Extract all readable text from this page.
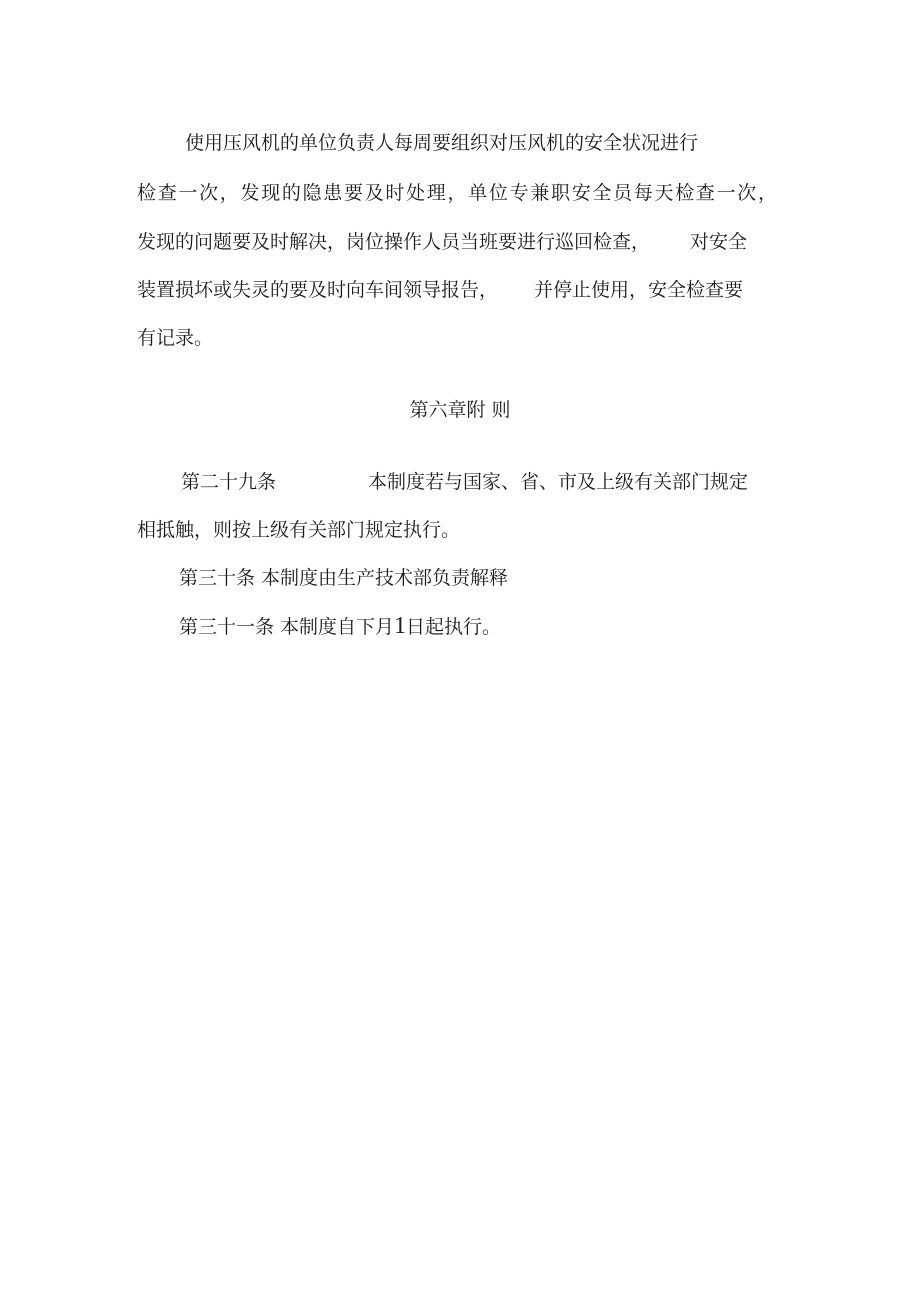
使用压风机的单位负责人每周要组织对压风机的安全状况进行
检查一次，发现的隐患要及时处理，单位专兼职安全员每天检查一次，
发现的问题要及时解决，岗位操作人员当班要进行巡回检查， 对安全
装置损坏或失灵的要及时向车间领导报告， 并停止使用，安全检查要
有记录。
第六章附 则
第二十九条	本制度若与国家、省、市及上级有关部门规定
相抵触，则按上级有关部门规定执行。
第三十条 本制度由生产技术部负责解释
第三十一条 本制度自下月1日起执行。
